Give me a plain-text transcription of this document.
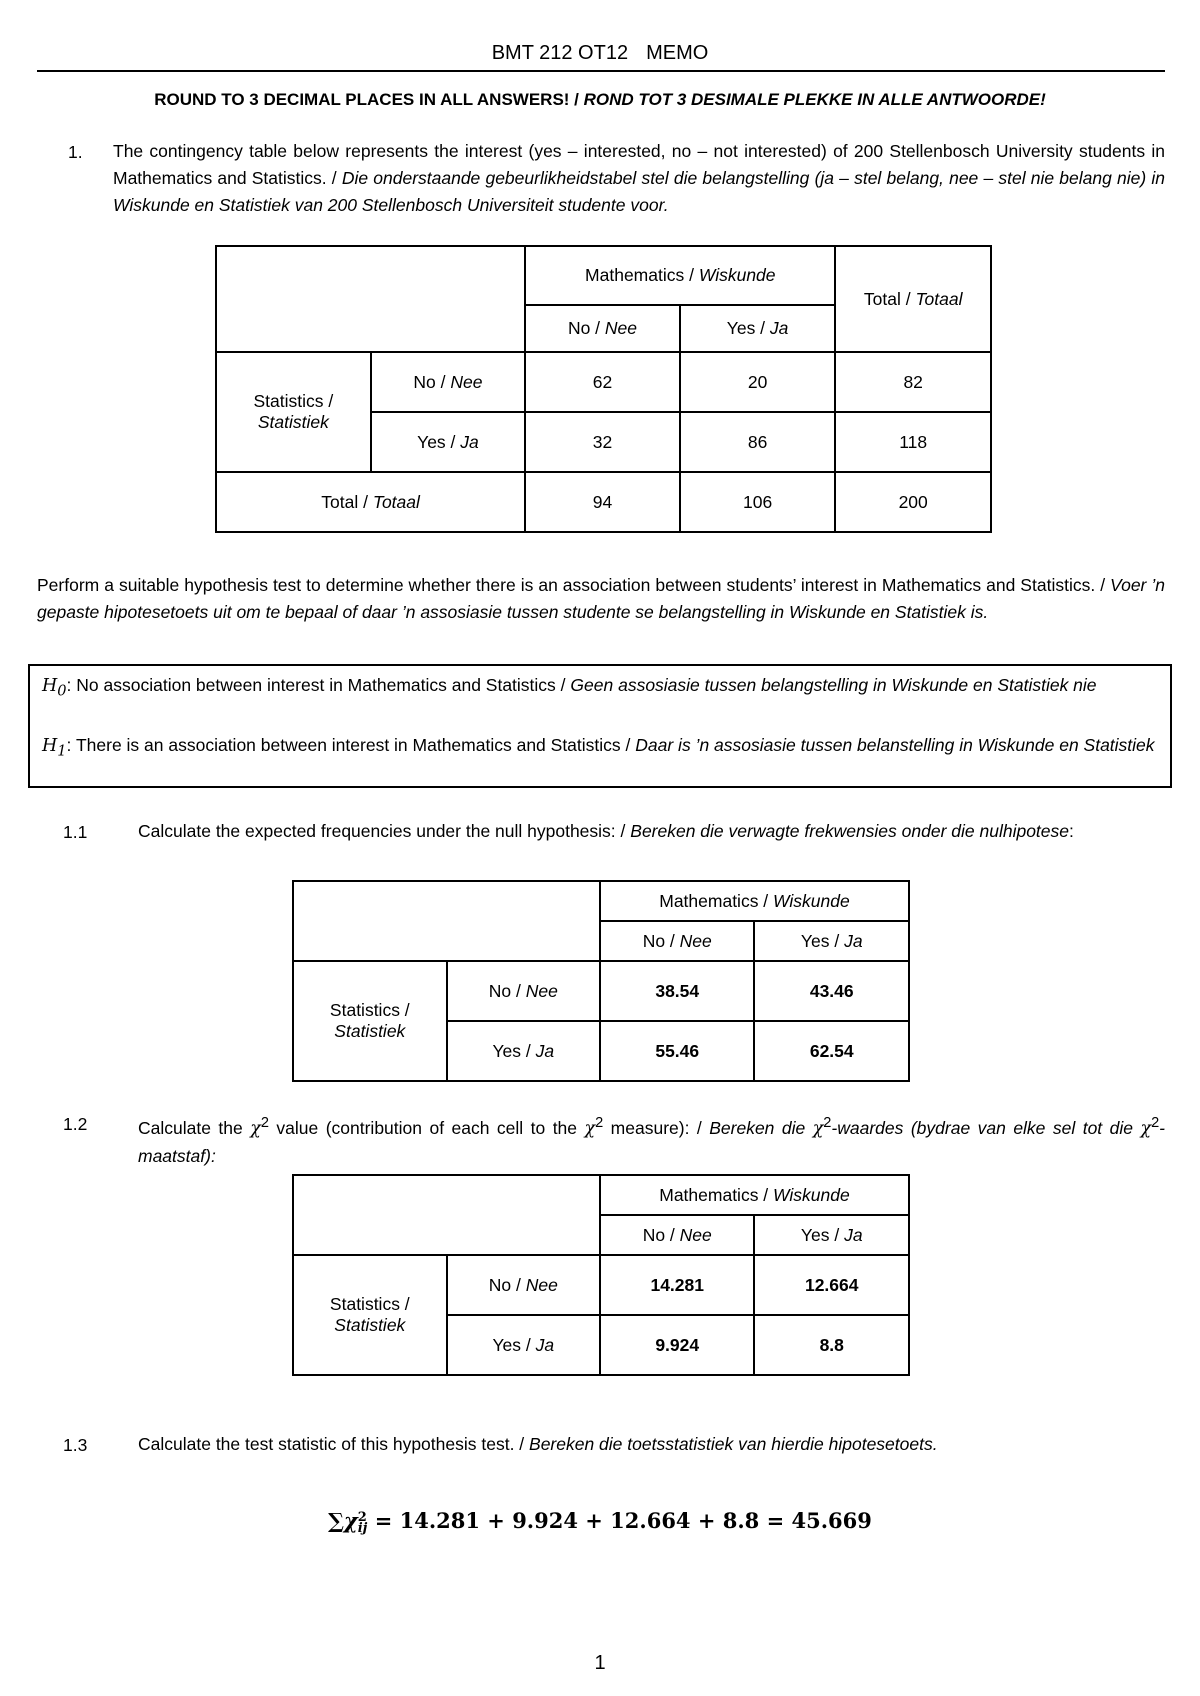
BMT 212 OT12 MEMO
ROUND TO 3 DECIMAL PLACES IN ALL ANSWERS! / ROND TOT 3 DESIMALE PLEKKE IN ALLE ANTWOORDE!
1. The contingency table below represents the interest (yes – interested, no – not interested) of 200 Stellenbosch University students in Mathematics and Statistics. / Die onderstaande gebeurlikheidstabel stel die belangstelling (ja – stel belang, nee – stel nie belang nie) in Wiskunde en Statistiek van 200 Stellenbosch Universiteit studente voor.
		Mathematics / Wiskunde		Total / Totaal
		No / Nee	Yes / Ja	
Statistics /
Statistiek	No / Nee	62	20	82
	Yes / Ja	32	86	118
Total / Totaal		94	106	200
Perform a suitable hypothesis test to determine whether there is an association between students’ interest in Mathematics and Statistics. / Voer ’n gepaste hipotesetoets uit om te bepaal of daar ’n assosiasie tussen studente se belangstelling in Wiskunde en Statistiek is.
$H_0$: No association between interest in Mathematics and Statistics / Geen assosiasie tussen belangstelling in Wiskunde en Statistiek nie
$H_1$: There is an association between interest in Mathematics and Statistics / Daar is ’n assosiasie tussen belanstelling in Wiskunde en Statistiek
1.1	Calculate the expected frequencies under the null hypothesis: / Bereken die verwagte frekwensies onder die nulhipotese:
		Mathematics / Wiskunde	
		No / Nee	Yes / Ja
Statistics /
Statistiek	No / Nee	38.54	43.46
	Yes / Ja	55.46	62.54
1.2	Calculate the $\chi^2$ value (contribution of each cell to the $\chi^2$ measure): / Bereken die $\chi^2$-waardes (bydrae van elke sel tot die $\chi^2-maatstaf$):
		Mathematics / Wiskunde	
		No / Nee	Yes / Ja
Statistics /
Statistiek	No / Nee	14.281	12.664
	Yes / Ja	9.924	8.8
1.3	Calculate the test statistic of this hypothesis test. / Bereken die toetsstatistiek van hierdie hipotesetoets.
∑χ 2
ij = 14.281 + 9.924 + 12.664 + 8.8 = 45.669
1
